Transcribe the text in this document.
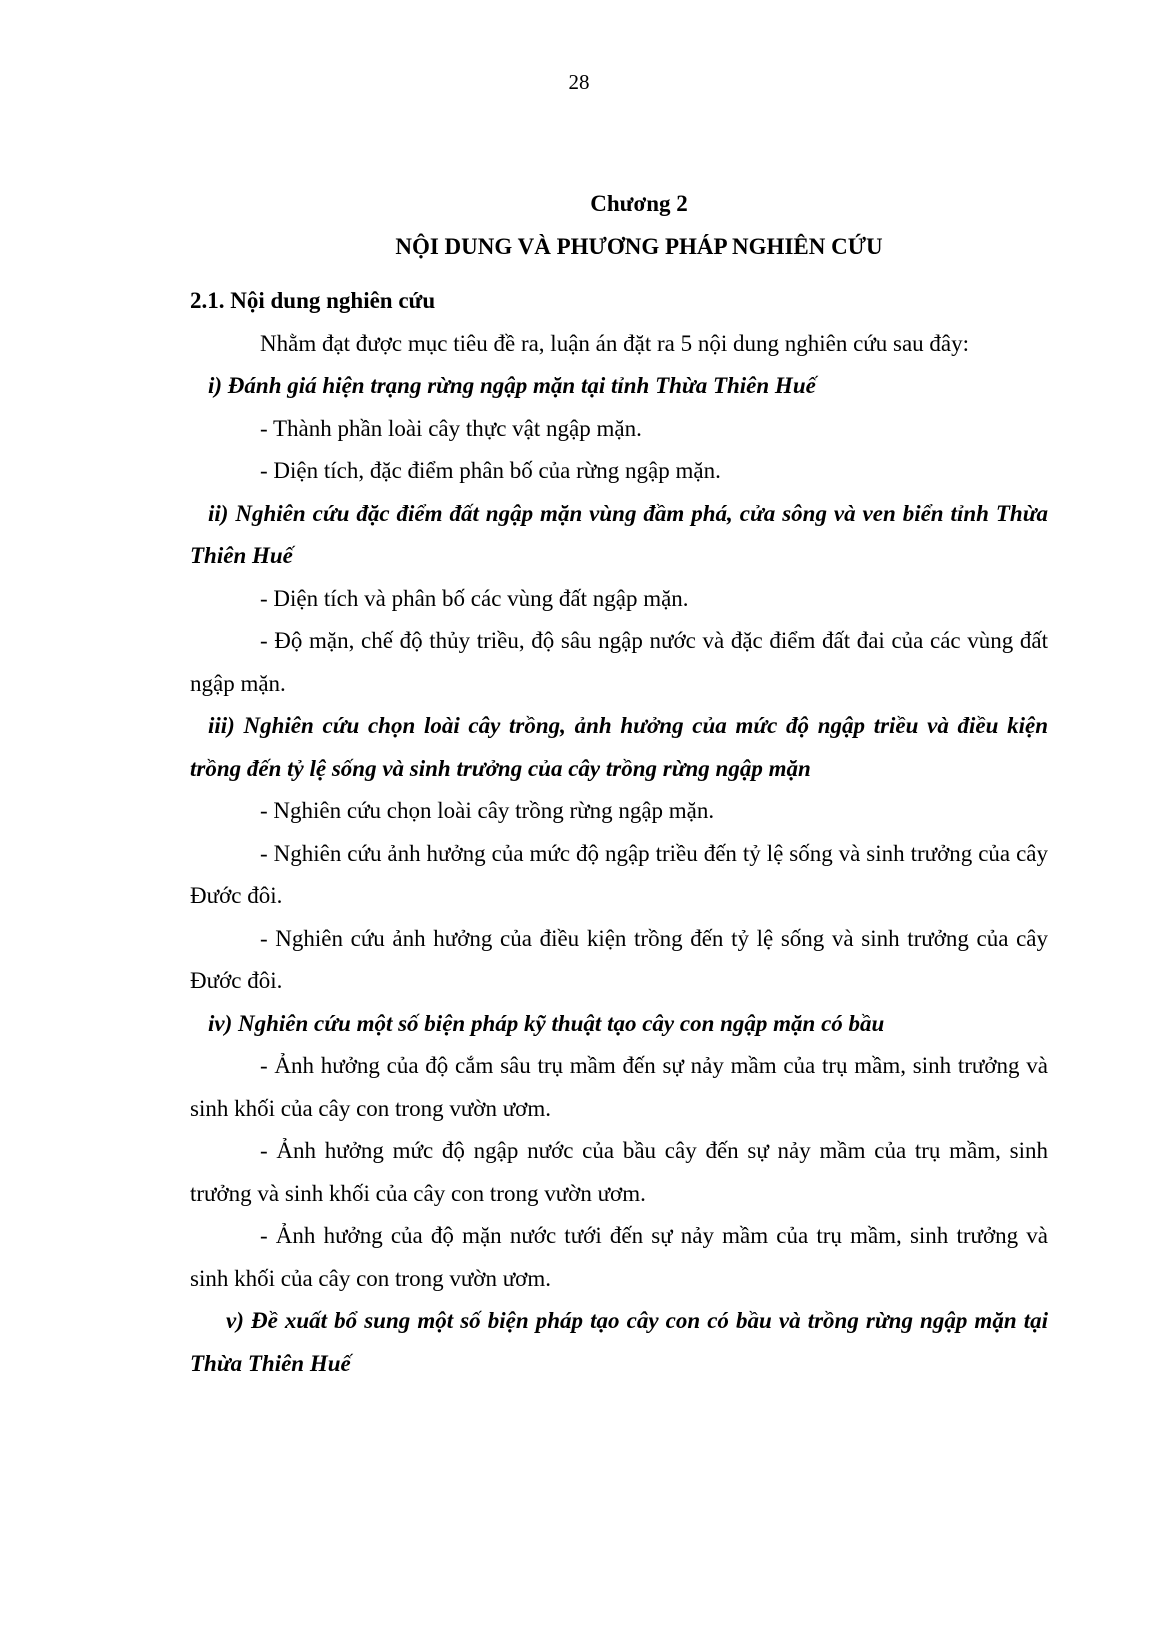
28

Chương 2

NỘI DUNG VÀ PHƯƠNG PHÁP NGHIÊN CỨU

2.1. Nội dung nghiên cứu

Nhằm đạt được mục tiêu đề ra, luận án đặt ra 5 nội dung nghiên cứu sau đây:

i) Đánh giá hiện trạng rừng ngập mặn tại tỉnh Thừa Thiên Huế

- Thành phần loài cây thực vật ngập mặn.

- Diện tích, đặc điểm phân bố của rừng ngập mặn.

ii) Nghiên cứu đặc điểm đất ngập mặn vùng đầm phá, cửa sông và ven biển tỉnh Thừa Thiên Huế

- Diện tích và phân bố các vùng đất ngập mặn.

- Độ mặn, chế độ thủy triều, độ sâu ngập nước và đặc điểm đất đai của các vùng đất ngập mặn.

iii) Nghiên cứu chọn loài cây trồng, ảnh hưởng của mức độ ngập triều và điều kiện trồng đến tỷ lệ sống và sinh trưởng của cây trồng rừng ngập mặn

- Nghiên cứu chọn loài cây trồng rừng ngập mặn.

- Nghiên cứu ảnh hưởng của mức độ ngập triều đến tỷ lệ sống và sinh trưởng của cây Đước đôi.

- Nghiên cứu ảnh hưởng của điều kiện trồng đến tỷ lệ sống và sinh trưởng của cây Đước đôi.

iv) Nghiên cứu một số biện pháp kỹ thuật tạo cây con ngập mặn có bầu

- Ảnh hưởng của độ cắm sâu trụ mầm đến sự nảy mầm của trụ mầm, sinh trưởng và sinh khối của cây con trong vườn ươm.

- Ảnh hưởng mức độ ngập nước của bầu cây đến sự nảy mầm của trụ mầm, sinh trưởng và sinh khối của cây con trong vườn ươm.

- Ảnh hưởng của độ mặn nước tưới đến sự nảy mầm của trụ mầm, sinh trưởng và sinh khối của cây con trong vườn ươm.

v) Đề xuất bổ sung một số biện pháp tạo cây con có bầu và trồng rừng ngập mặn tại Thừa Thiên Huế
